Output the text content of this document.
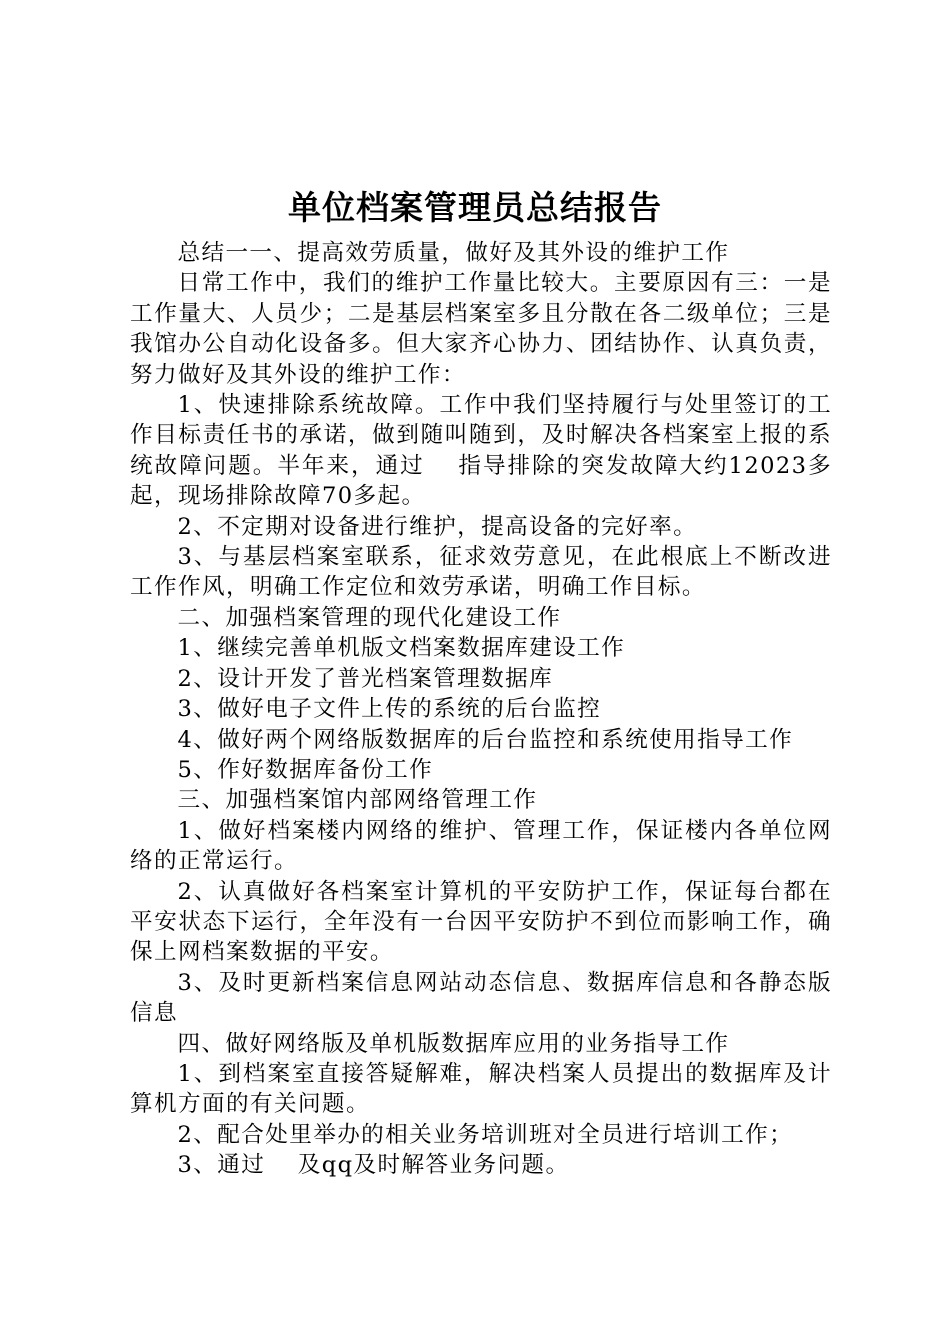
单位档案管理员总结报告

总结一一、提高效劳质量，做好及其外设的维护工作

日常工作中，我们的维护工作量比较大。主要原因有三：一是工作量大、人员少；二是基层档案室多且分散在各二级单位；三是我馆办公自动化设备多。但大家齐心协力、团结协作、认真负责，努力做好及其外设的维护工作：

1、快速排除系统故障。工作中我们坚持履行与处里签订的工作目标责任书的承诺，做到随叫随到，及时解决各档案室上报的系统故障问题。半年来，通过　 指导排除的突发故障大约12023多起，现场排除故障70多起。

2、不定期对设备进行维护，提高设备的完好率。

3、与基层档案室联系，征求效劳意见，在此根底上不断改进工作作风，明确工作定位和效劳承诺，明确工作目标。

二、加强档案管理的现代化建设工作

1、继续完善单机版文档案数据库建设工作

2、设计开发了普光档案管理数据库

3、做好电子文件上传的系统的后台监控

4、做好两个网络版数据库的后台监控和系统使用指导工作

5、作好数据库备份工作

三、加强档案馆内部网络管理工作

1、做好档案楼内网络的维护、管理工作，保证楼内各单位网络的正常运行。

2、认真做好各档案室计算机的平安防护工作，保证每台都在平安状态下运行，全年没有一台因平安防护不到位而影响工作，确保上网档案数据的平安。

3、及时更新档案信息网站动态信息、数据库信息和各静态版信息

四、做好网络版及单机版数据库应用的业务指导工作

1、到档案室直接答疑解难，解决档案人员提出的数据库及计算机方面的有关问题。

2、配合处里举办的相关业务培训班对全员进行培训工作；

3、通过　 及qq及时解答业务问题。
